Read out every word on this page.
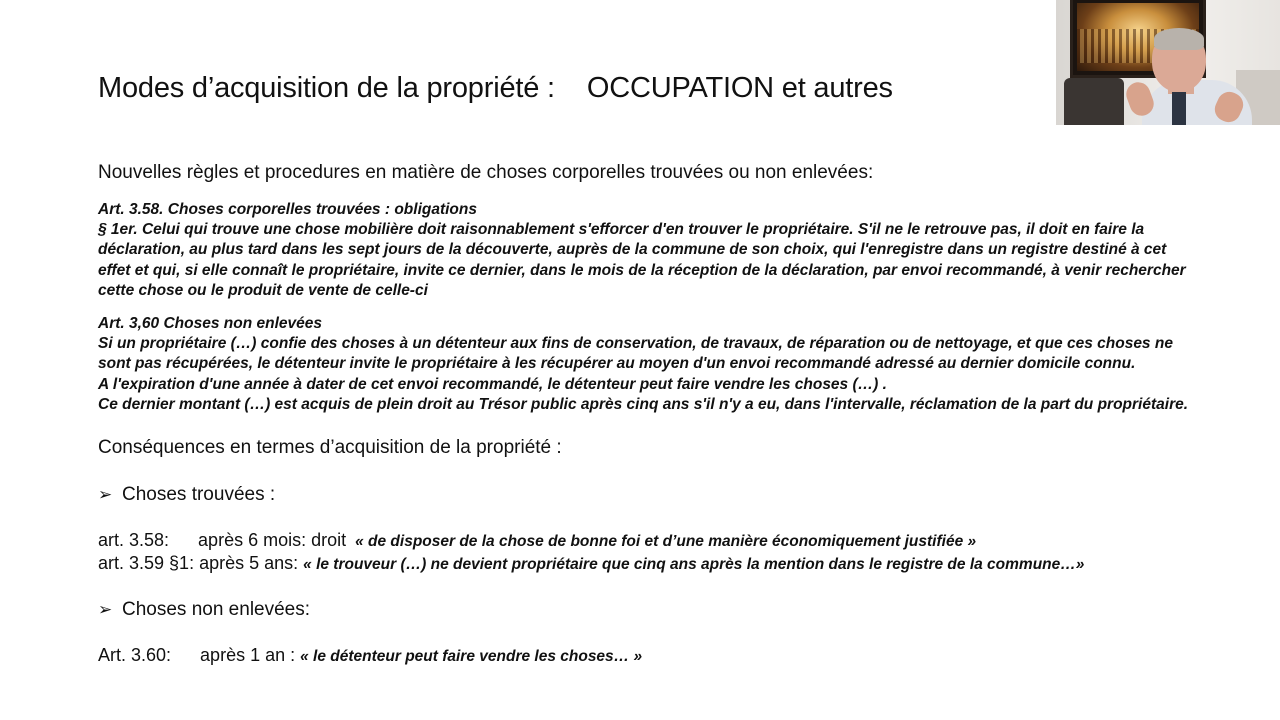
Modes d’acquisition de la propriété : OCCUPATION et autres
Nouvelles règles et procedures en matière de choses corporelles trouvées ou non enlevées:
Art. 3.58. Choses corporelles trouvées : obligations
§ 1er. Celui qui trouve une chose mobilière doit raisonnablement s'efforcer d'en trouver le propriétaire. S'il ne le retrouve pas, il doit en faire la
déclaration, au plus tard dans les sept jours de la découverte, auprès de la commune de son choix, qui l'enregistre dans un registre destiné à cet
effet et qui, si elle connaît le propriétaire, invite ce dernier, dans le mois de la réception de la déclaration, par envoi recommandé, à venir rechercher
cette chose ou le produit de vente de celle-ci
Art. 3,60 Choses non enlevées
Si un propriétaire (…) confie des choses à un détenteur aux fins de conservation, de travaux, de réparation ou de nettoyage, et que ces choses ne
sont pas récupérées, le détenteur invite le propriétaire à les récupérer au moyen d'un envoi recommandé adressé au dernier domicile connu.
A l'expiration d'une année à dater de cet envoi recommandé, le détenteur peut faire vendre les choses (…) .
Ce dernier montant (…) est acquis de plein droit au Trésor public après cinq ans s'il n'y a eu, dans l'intervalle, réclamation de la part du propriétaire.
Conséquences en termes d’acquisition de la propriété :
➢ Choses trouvées :
art. 3.58: après 6 mois: droit « de disposer de la chose de bonne foi et d’une manière économiquement justifiée »
art. 3.59 §1: après 5 ans: « le trouveur (…) ne devient propriétaire que cinq ans après la mention dans le registre de la commune…»
➢ Choses non enlevées:
Art. 3.60: après 1 an : « le détenteur peut faire vendre les choses… »
